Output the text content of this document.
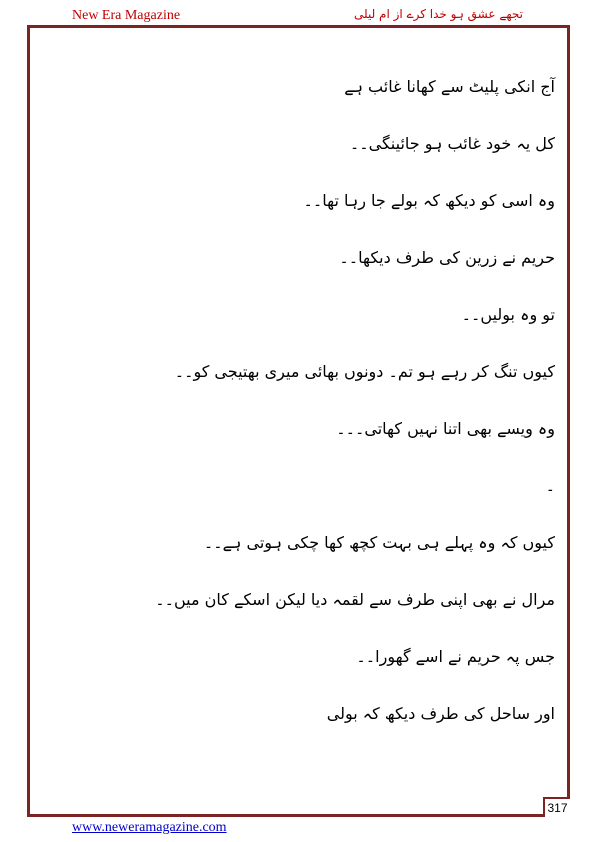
New Era Magazine	تجھے عشق ہو خدا کرے از ام لیلی
آج انکی پلیٹ سے کھانا غائب ہے
کل یہ خود غائب ہو جائینگی۔۔
وہ اسی کو دیکھ کہ بولے جا رہا تھا۔۔
حریم نے زرین کی طرف دیکھا۔۔
تو وہ بولیں۔۔
کیوں تنگ کر رہے ہو تم۔ دونوں بھائی میری بھتیجی کو۔۔
وہ ویسے بھی اتنا نہیں کھاتی۔۔۔
۔
کیوں کہ وہ پہلے ہی بہت کچھ کھا چکی ہوتی ہے۔۔
مرال نے بھی اپنی طرف سے لقمہ دیا لیکن اسکے کان میں۔۔
جس پہ حریم نے اسے گھورا۔۔
اور ساحل کی طرف دیکھ کہ بولی
317
www.neweramagazine.com
